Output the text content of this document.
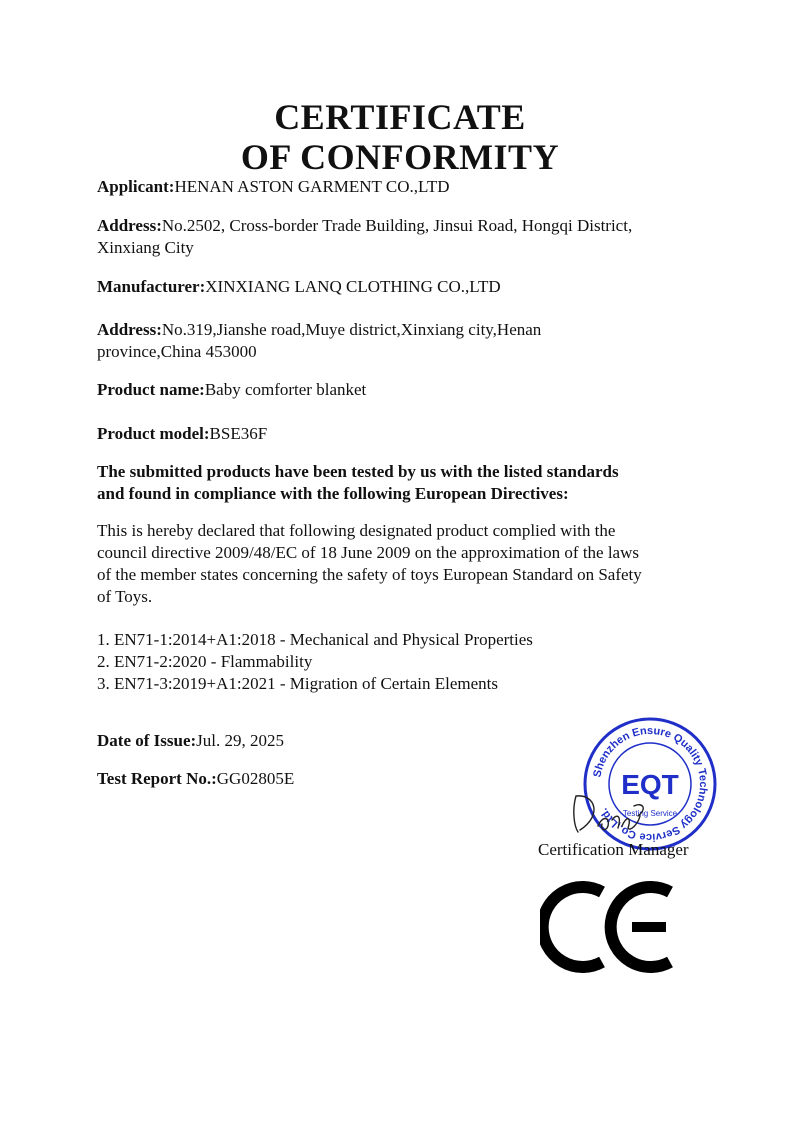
CERTIFICATE
OF CONFORMITY
Applicant:HENAN ASTON GARMENT CO.,LTD
Address:No.2502, Cross-border Trade Building, Jinsui Road, Hongqi District,
Xinxiang City
Manufacturer:XINXIANG LANQ CLOTHING CO.,LTD
Address:No.319,Jianshe road,Muye district,Xinxiang city,Henan
province,China 453000
Product name:Baby comforter blanket
Product model:BSE36F
The submitted products have been tested by us with the listed standards
and found in compliance with the following European Directives:
This is hereby declared that following designated product complied with the
council directive 2009/48/EC of 18 June 2009 on the approximation of the laws
of the member states concerning the safety of toys European Standard on Safety
of Toys.
1. EN71-1:2014+A1:2018 - Mechanical and Physical Properties
2. EN71-2:2020 - Flammability
3. EN71-3:2019+A1:2021 - Migration of Certain Elements
Date of Issue:Jul. 29, 2025
Test Report No.:GG02805E	Shenzhen Ensure Quality Technology Service Co.,Ltd.
EQT
Testing Service
Certification Manager
